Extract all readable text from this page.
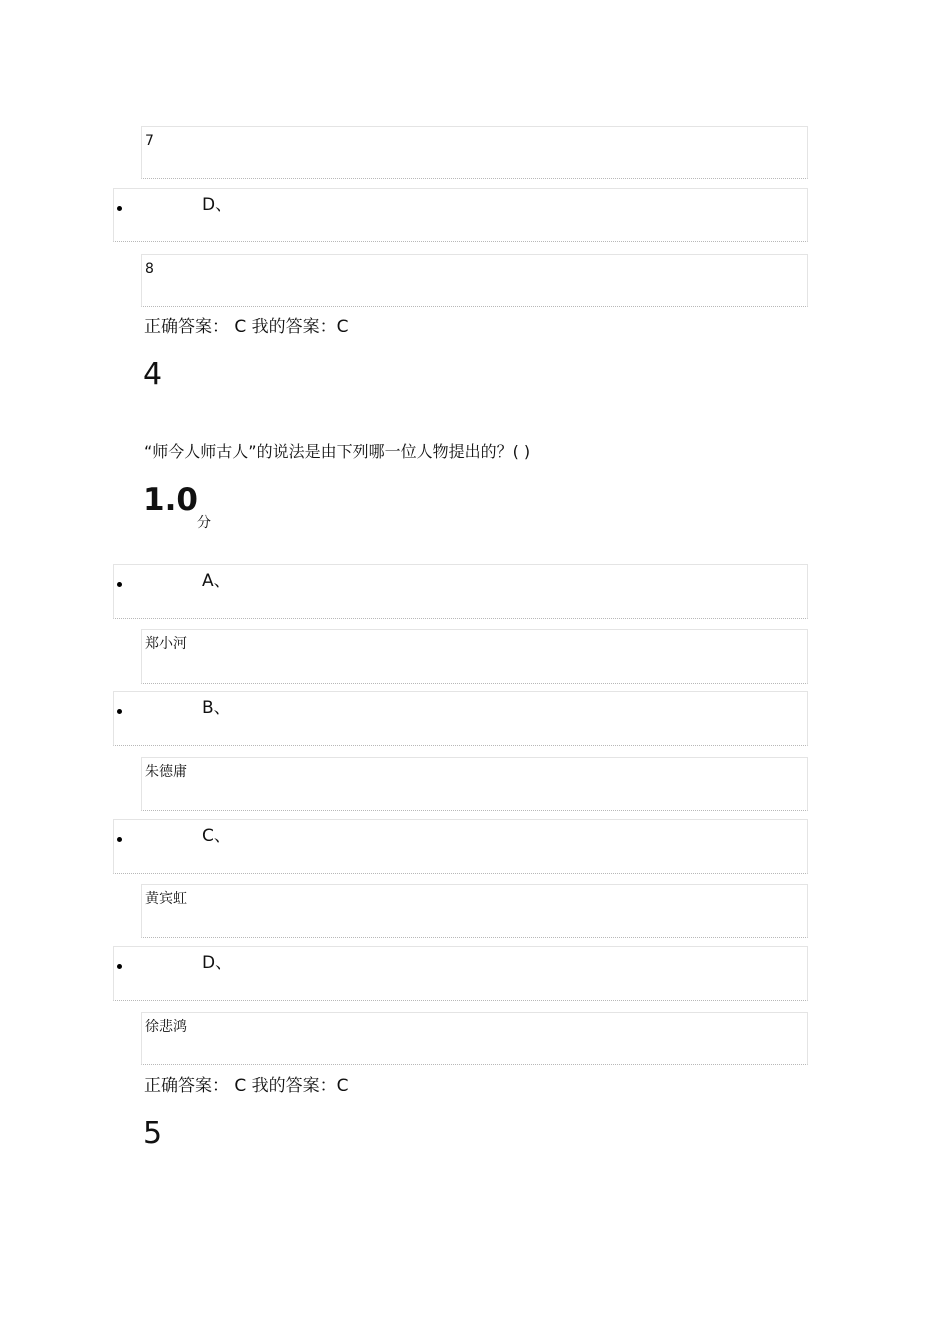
7
D、
8
正确答案： C 我的答案：C
4
“师今人师古人”的说法是由下列哪一位人物提出的？( )
1.0
分
A、
郑小河
B、
朱德庸
C、
黄宾虹
D、
徐悲鸿
正确答案： C 我的答案：C
5
